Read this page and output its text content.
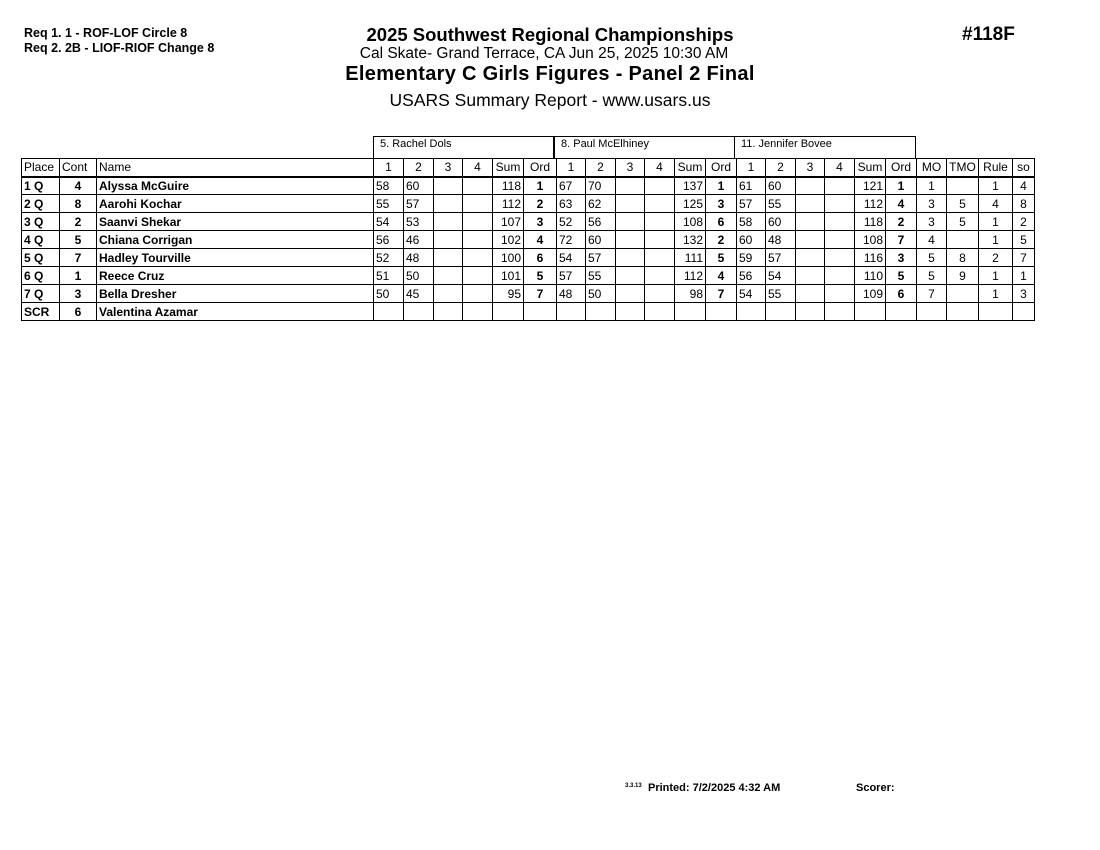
Req 1. 1 - ROF-LOF Circle 8
Req 2. 2B - LIOF-RIOF Change 8
#118F
2025 Southwest Regional Championships
Cal Skate- Grand Terrace, CA Jun 25, 2025 10:30 AM
Elementary C Girls Figures - Panel 2 Final
USARS Summary Report - www.usars.us
5. Rachel Dols	8. Paul McElhiney	11. Jennifer Bovee
Place	Cont	Name	1	2	3	4	Sum	Ord	1	2	3	4	Sum	Ord	1	2	3	4	Sum	Ord	MO	TMO	Rule	so
1 Q	4	Alyssa McGuire	58	60			118	1	67	70			137	1	61	60			121	1	1		1	4
2 Q	8	Aarohi Kochar	55	57			112	2	63	62			125	3	57	55			112	4	3	5	4	8
3 Q	2	Saanvi Shekar	54	53			107	3	52	56			108	6	58	60			118	2	3	5	1	2
4 Q	5	Chiana Corrigan	56	46			102	4	72	60			132	2	60	48			108	7	4		1	5
5 Q	7	Hadley Tourville	52	48			100	6	54	57			111	5	59	57			116	3	5	8	2	7
6 Q	1	Reece Cruz	51	50			101	5	57	55			112	4	56	54			110	5	5	9	1	1
7 Q	3	Bella Dresher	50	45			95	7	48	50			98	7	54	55			109	6	7		1	3
SCR	6	Valentina Azamar																						
3.3.13 Printed: 7/2/2025 4:32 AM	Scorer:
